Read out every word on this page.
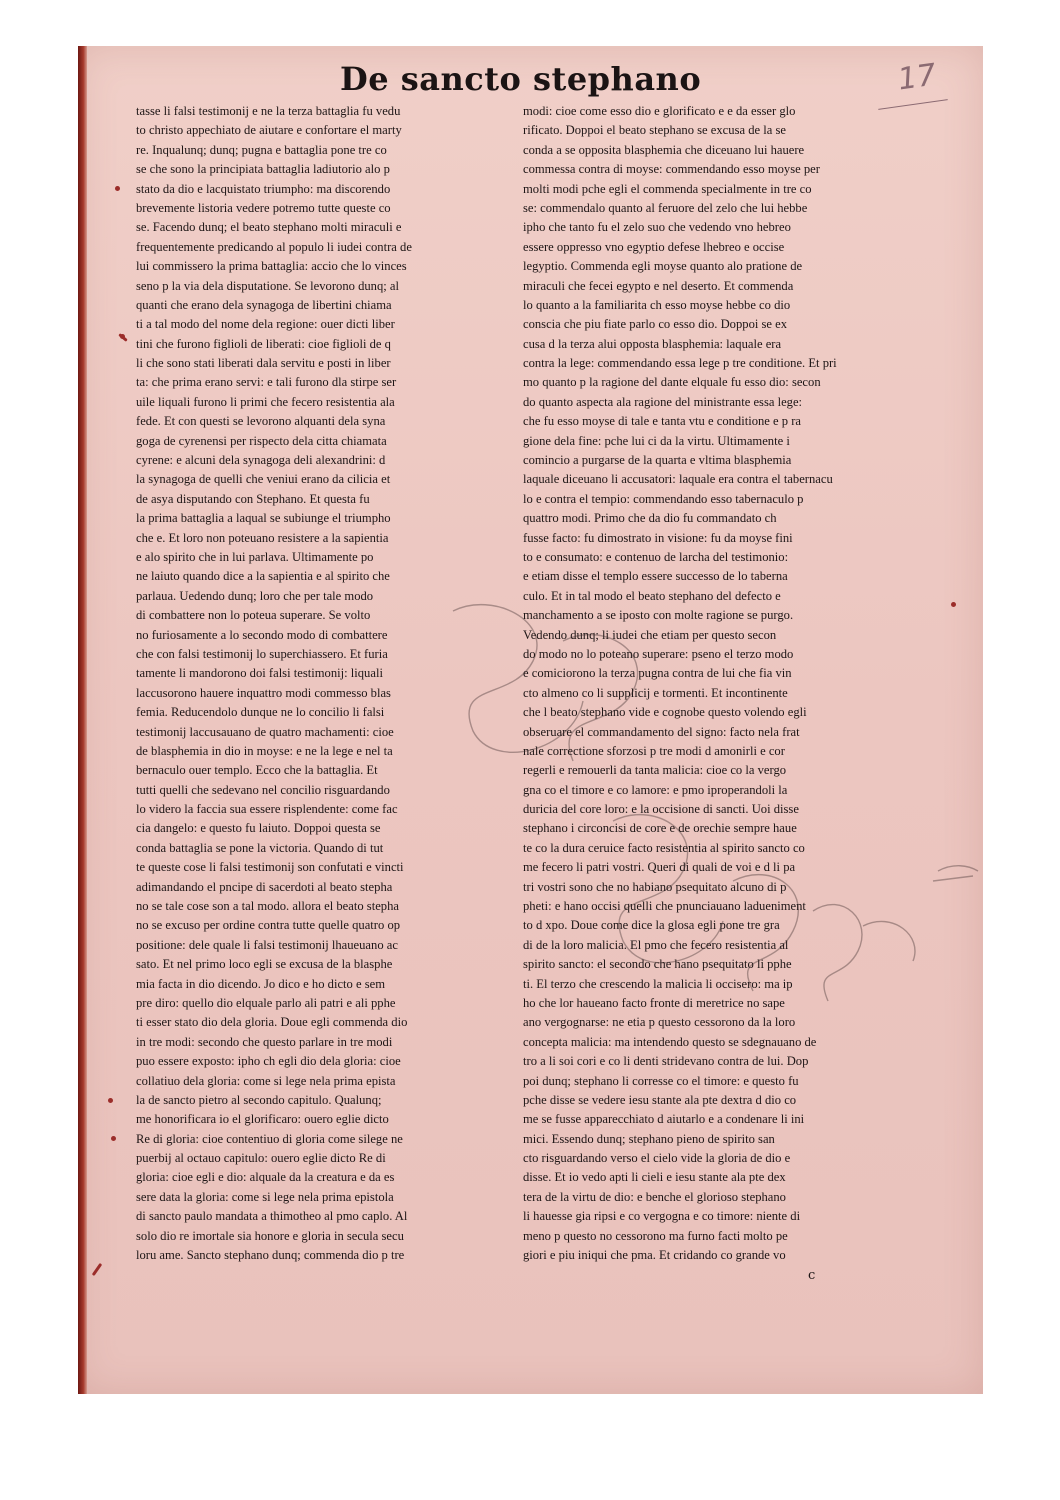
De sancto stephano	17
tasse li falsi testimonij e ne la terza battaglia fu vedu
to christo appechiato de aiutare e confortare el marty
re. Inqualunq; dunq; pugna e battaglia pone tre co
se che sono la principiata battaglia ladiutorio alo p
stato da dio e lacquistato triumpho: ma discorendo
brevemente listoria vedere potremo tutte queste co
se. Facendo dunq; el beato stephano molti miraculi e
frequentemente predicando al populo li iudei contra de
lui commissero la prima battaglia: accio che lo vinces
seno p la via dela disputatione. Se levorono dunq; al
quanti che erano dela synagoga de libertini chiama
ti a tal modo del nome dela regione: ouer dicti liber
tini che furono figlioli de liberati: cioe figlioli de q
li che sono stati liberati dala servitu e posti in liber
ta: che prima erano servi: e tali furono dla stirpe ser
uile liquali furono li primi che fecero resistentia ala
fede. Et con questi se levorono alquanti dela syna
goga de cyrenensi per rispecto dela citta chiamata
cyrene: e alcuni dela synagoga deli alexandrini: d
la synagoga de quelli che veniui erano da cilicia et
de asya disputando con Stephano. Et questa fu
la prima battaglia a laqual se subiunge el triumpho
che e. Et loro non poteuano resistere a la sapientia
e alo spirito che in lui parlava. Ultimamente po
ne laiuto quando dice a la sapientia e al spirito che
parlaua. Uedendo dunq; loro che per tale modo
di combattere non lo poteua superare. Se volto
no furiosamente a lo secondo modo di combattere
che con falsi testimonij lo superchiassero. Et furia
tamente li mandorono doi falsi testimonij: liquali
laccusorono hauere inquattro modi commesso blas
femia. Reducendolo dunque ne lo concilio li falsi
testimonij laccusauano de quatro machamenti: cioe
de blasphemia in dio in moyse: e ne la lege e nel ta
bernaculo ouer templo. Ecco che la battaglia. Et
tutti quelli che sedevano nel concilio risguardando
lo videro la faccia sua essere risplendente: come fac
cia dangelo: e questo fu laiuto. Doppoi questa se
conda battaglia se pone la victoria. Quando di tut
te queste cose li falsi testimonij son confutati e vincti
adimandando el pncipe di sacerdoti al beato stepha
no se tale cose son a tal modo. allora el beato stepha
no se excuso per ordine contra tutte quelle quatro op
positione: dele quale li falsi testimonij lhaueuano ac
sato. Et nel primo loco egli se excusa de la blasphe
mia facta in dio dicendo. Jo dico e ho dicto e sem
pre diro: quello dio elquale parlo ali patri e ali pphe
ti esser stato dio dela gloria. Doue egli commenda dio
in tre modi: secondo che questo parlare in tre modi
puo essere exposto: ipho ch egli dio dela gloria: cioe
collatiuo dela gloria: come si lege nela prima epista
la de sancto pietro al secondo capitulo. Qualunq;
me honorificara io el glorificaro: ouero eglie dicto
Re di gloria: cioe contentiuo di gloria come silege ne
puerbij al octauo capitulo: ouero eglie dicto Re di
gloria: cioe egli e dio: alquale da la creatura e da es
sere data la gloria: come si lege nela prima epistola
di sancto paulo mandata a thimotheo al pmo caplo. Al
solo dio re imortale sia honore e gloria in secula secu
loru ame. Sancto stephano dunq; commenda dio p tre
modi: cioe come esso dio e glorificato e e da esser glo
rificato. Doppoi el beato stephano se excusa de la se
conda a se opposita blasphemia che diceuano lui hauere
commessa contra di moyse: commendando esso moyse per
molti modi pche egli el commenda specialmente in tre co
se: commendalo quanto al feruore del zelo che lui hebbe
ipho che tanto fu el zelo suo che vedendo vno hebreo
essere oppresso vno egyptio defese lhebreo e occise
legyptio. Commenda egli moyse quanto alo pratione de
miraculi che fecei egypto e nel deserto. Et commenda
lo quanto a la familiarita ch esso moyse hebbe co dio
conscia che piu fiate parlo co esso dio. Doppoi se ex
cusa d la terza alui opposta blasphemia: laquale era
contra la lege: commendando essa lege p tre conditione. Et pri
mo quanto p la ragione del dante elquale fu esso dio: secon
do quanto aspecta ala ragione del ministrante essa lege:
che fu esso moyse di tale e tanta vtu e conditione e p ra
gione dela fine: pche lui ci da la virtu. Ultimamente i
comincio a purgarse de la quarta e vltima blasphemia
laquale diceuano li accusatori: laquale era contra el tabernacu
lo e contra el tempio: commendando esso tabernaculo p
quattro modi. Primo che da dio fu commandato ch
fusse facto: fu dimostrato in visione: fu da moyse fini
to e consumato: e contenuo de larcha del testimonio:
e etiam disse el templo essere successo de lo taberna
culo. Et in tal modo el beato stephano del defecto e
manchamento a se iposto con molte ragione se purgo.
Vedendo dunq; li iudei che etiam per questo secon
do modo no lo poteano superare: pseno el terzo modo
e comiciorono la terza pugna contra de lui che fia vin
cto almeno co li supplicij e tormenti. Et incontinente
che l beato stephano vide e cognobe questo volendo egli
obseruare el commandamento del signo: facto nela frat
nale correctione sforzosi p tre modi d amonirli e cor
regerli e remouerli da tanta malicia: cioe co la vergo
gna co el timore e co lamore: e pmo iproperandoli la
duricia del core loro: e la occisione di sancti. Uoi disse
stephano i circoncisi de core e de orechie sempre haue
te co la dura ceruice facto resistentia al spirito sancto co
me fecero li patri vostri. Queri di quali de voi e d li pa
tri vostri sono che no habiano psequitato alcuno di p
pheti: e hano occisi quelli che pnunciauano ladueniment
to d xpo. Doue come dice la glosa egli pone tre gra
di de la loro malicia. El pmo che fecero resistentia al
spirito sancto: el secondo che hano psequitato li pphe
ti. El terzo che crescendo la malicia li occisero: ma ip
ho che lor haueano facto fronte di meretrice no sape
ano vergognarse: ne etia p questo cessorono da la loro
concepta malicia: ma intendendo questo se sdegnauano de
tro a li soi cori e co li denti stridevano contra de lui. Dop
poi dunq; stephano li corresse co el timore: e questo fu
pche disse se vedere iesu stante ala pte dextra d dio co
me se fusse apparecchiato d aiutarlo e a condenare li ini
mici. Essendo dunq; stephano pieno de spirito san
cto risguardando verso el cielo vide la gloria de dio e
disse. Et io vedo apti li cieli e iesu stante ala pte dex
tera de la virtu de dio: e benche el glorioso stephano
li hauesse gia ripsi e co vergogna e co timore: niente di
meno p questo no cessorono ma furno facti molto pe
giori e piu iniqui che pma. Et cridando co grande vo
c
